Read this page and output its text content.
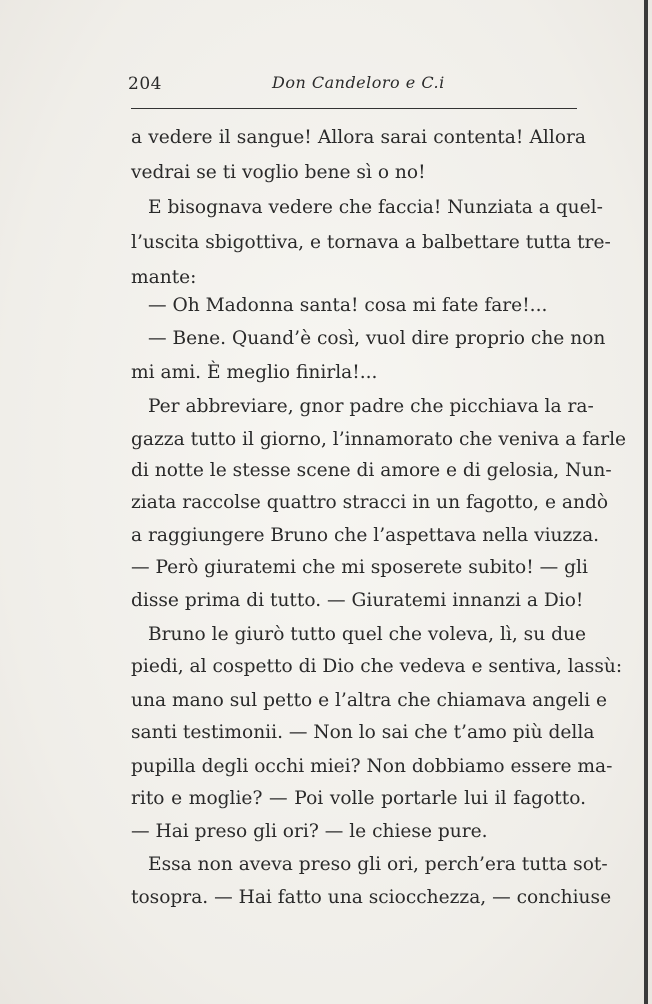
204	Don Candeloro e C.i
a vedere il sangue! Allora sarai contenta! Allora
vedrai se ti voglio bene sì o no!
E bisognava vedere che faccia! Nunziata a quel-
l’uscita sbigottiva, e tornava a balbettare tutta tre-
mante:
— Oh Madonna santa! cosa mi fate fare!...
— Bene. Quand’è così, vuol dire proprio che non
mi ami. È meglio finirla!...
Per abbreviare, gnor padre che picchiava la ra-
gazza tutto il giorno, l’innamorato che veniva a farle
di notte le stesse scene di amore e di gelosia, Nun-
ziata raccolse quattro stracci in un fagotto, e andò
a raggiungere Bruno che l’aspettava nella viuzza.
— Però giuratemi che mi sposerete subito! — gli
disse prima di tutto. — Giuratemi innanzi a Dio!
Bruno le giurò tutto quel che voleva, lì, su due
piedi, al cospetto di Dio che vedeva e sentiva, lassù:
una mano sul petto e l’altra che chiamava angeli e
santi testimonii. — Non lo sai che t’amo più della
pupilla degli occhi miei? Non dobbiamo essere ma-
rito e moglie? — Poi volle portarle lui il fagotto.
— Hai preso gli ori? — le chiese pure.
Essa non aveva preso gli ori, perch’era tutta sot-
tosopra. — Hai fatto una sciocchezza, — conchiuse
